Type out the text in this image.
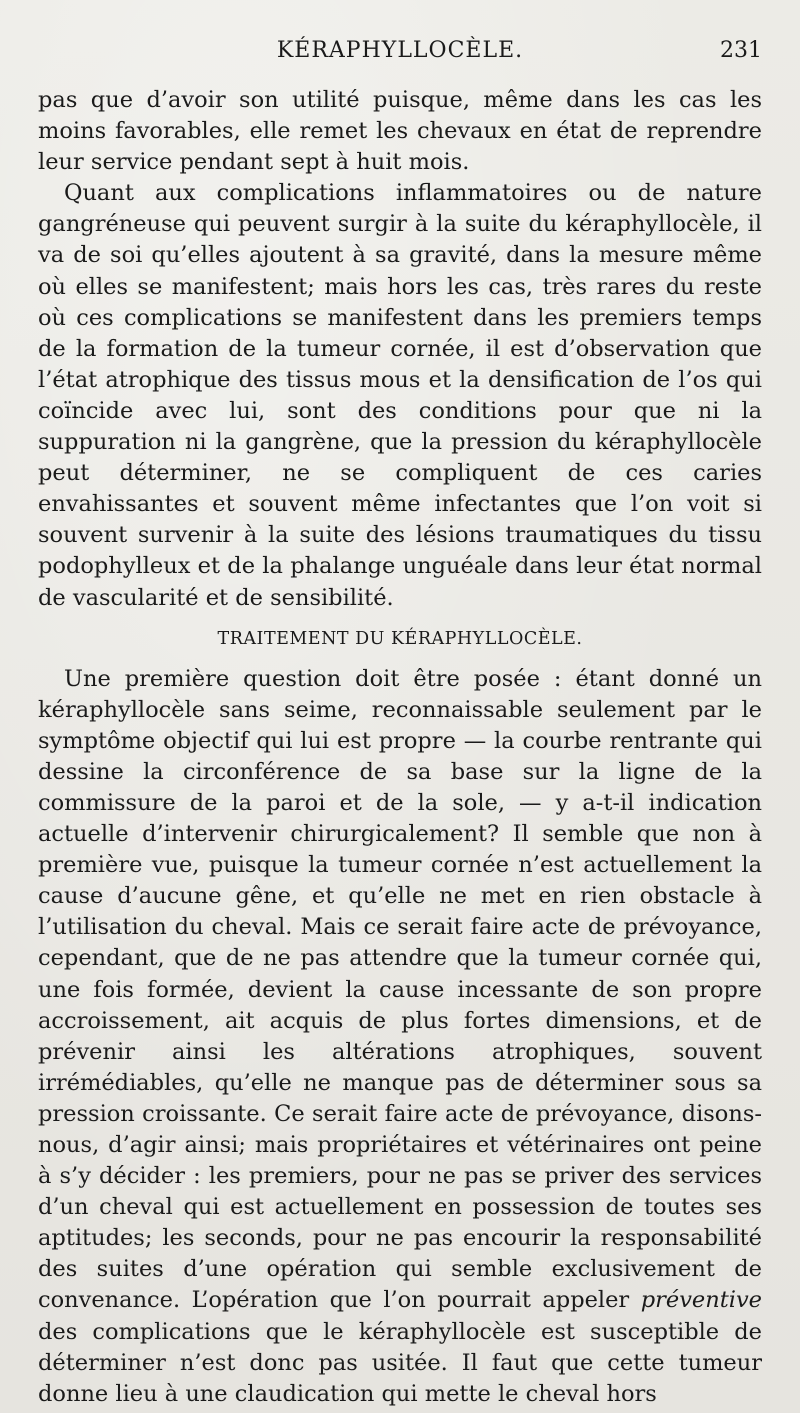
KÉRAPHYLLOCÈLE.	231

pas que d’avoir son utilité puisque, même dans les cas les moins favorables, elle remet les chevaux en état de reprendre leur service pendant sept à huit mois.

Quant aux complications inflammatoires ou de nature gangréneuse qui peuvent surgir à la suite du kéraphyllocèle, il va de soi qu’elles ajoutent à sa gravité, dans la mesure même où elles se manifestent; mais hors les cas, très rares du reste où ces complications se manifestent dans les premiers temps de la formation de la tumeur cornée, il est d’observation que l’état atrophique des tissus mous et la densification de l’os qui coïncide avec lui, sont des conditions pour que ni la suppuration ni la gangrène, que la pression du kéraphyllocèle peut déterminer, ne se compliquent de ces caries envahissantes et souvent même infectantes que l’on voit si souvent survenir à la suite des lésions traumatiques du tissu podophylleux et de la phalange unguéale dans leur état normal de vascularité et de sensibilité.

TRAITEMENT DU KÉRAPHYLLOCÈLE.

Une première question doit être posée : étant donné un kéraphyllocèle sans seime, reconnaissable seulement par le symptôme objectif qui lui est propre — la courbe rentrante qui dessine la circonférence de sa base sur la ligne de la commissure de la paroi et de la sole, — y a-t-il indication actuelle d’intervenir chirurgicalement? Il semble que non à première vue, puisque la tumeur cornée n’est actuellement la cause d’aucune gêne, et qu’elle ne met en rien obstacle à l’utilisation du cheval. Mais ce serait faire acte de prévoyance, cependant, que de ne pas attendre que la tumeur cornée qui, une fois formée, devient la cause incessante de son propre accroissement, ait acquis de plus fortes dimensions, et de prévenir ainsi les altérations atrophiques, souvent irrémédiables, qu’elle ne manque pas de déterminer sous sa pression croissante. Ce serait faire acte de prévoyance, disons-nous, d’agir ainsi; mais propriétaires et vétérinaires ont peine à s’y décider : les premiers, pour ne pas se priver des services d’un cheval qui est actuellement en possession de toutes ses aptitudes; les seconds, pour ne pas encourir la responsabilité des suites d’une opération qui semble exclusivement de convenance. L’opération que l’on pourrait appeler préventive des complications que le kéraphyllocèle est susceptible de déterminer n’est donc pas usitée. Il faut que cette tumeur donne lieu à une claudication qui mette le cheval hors
